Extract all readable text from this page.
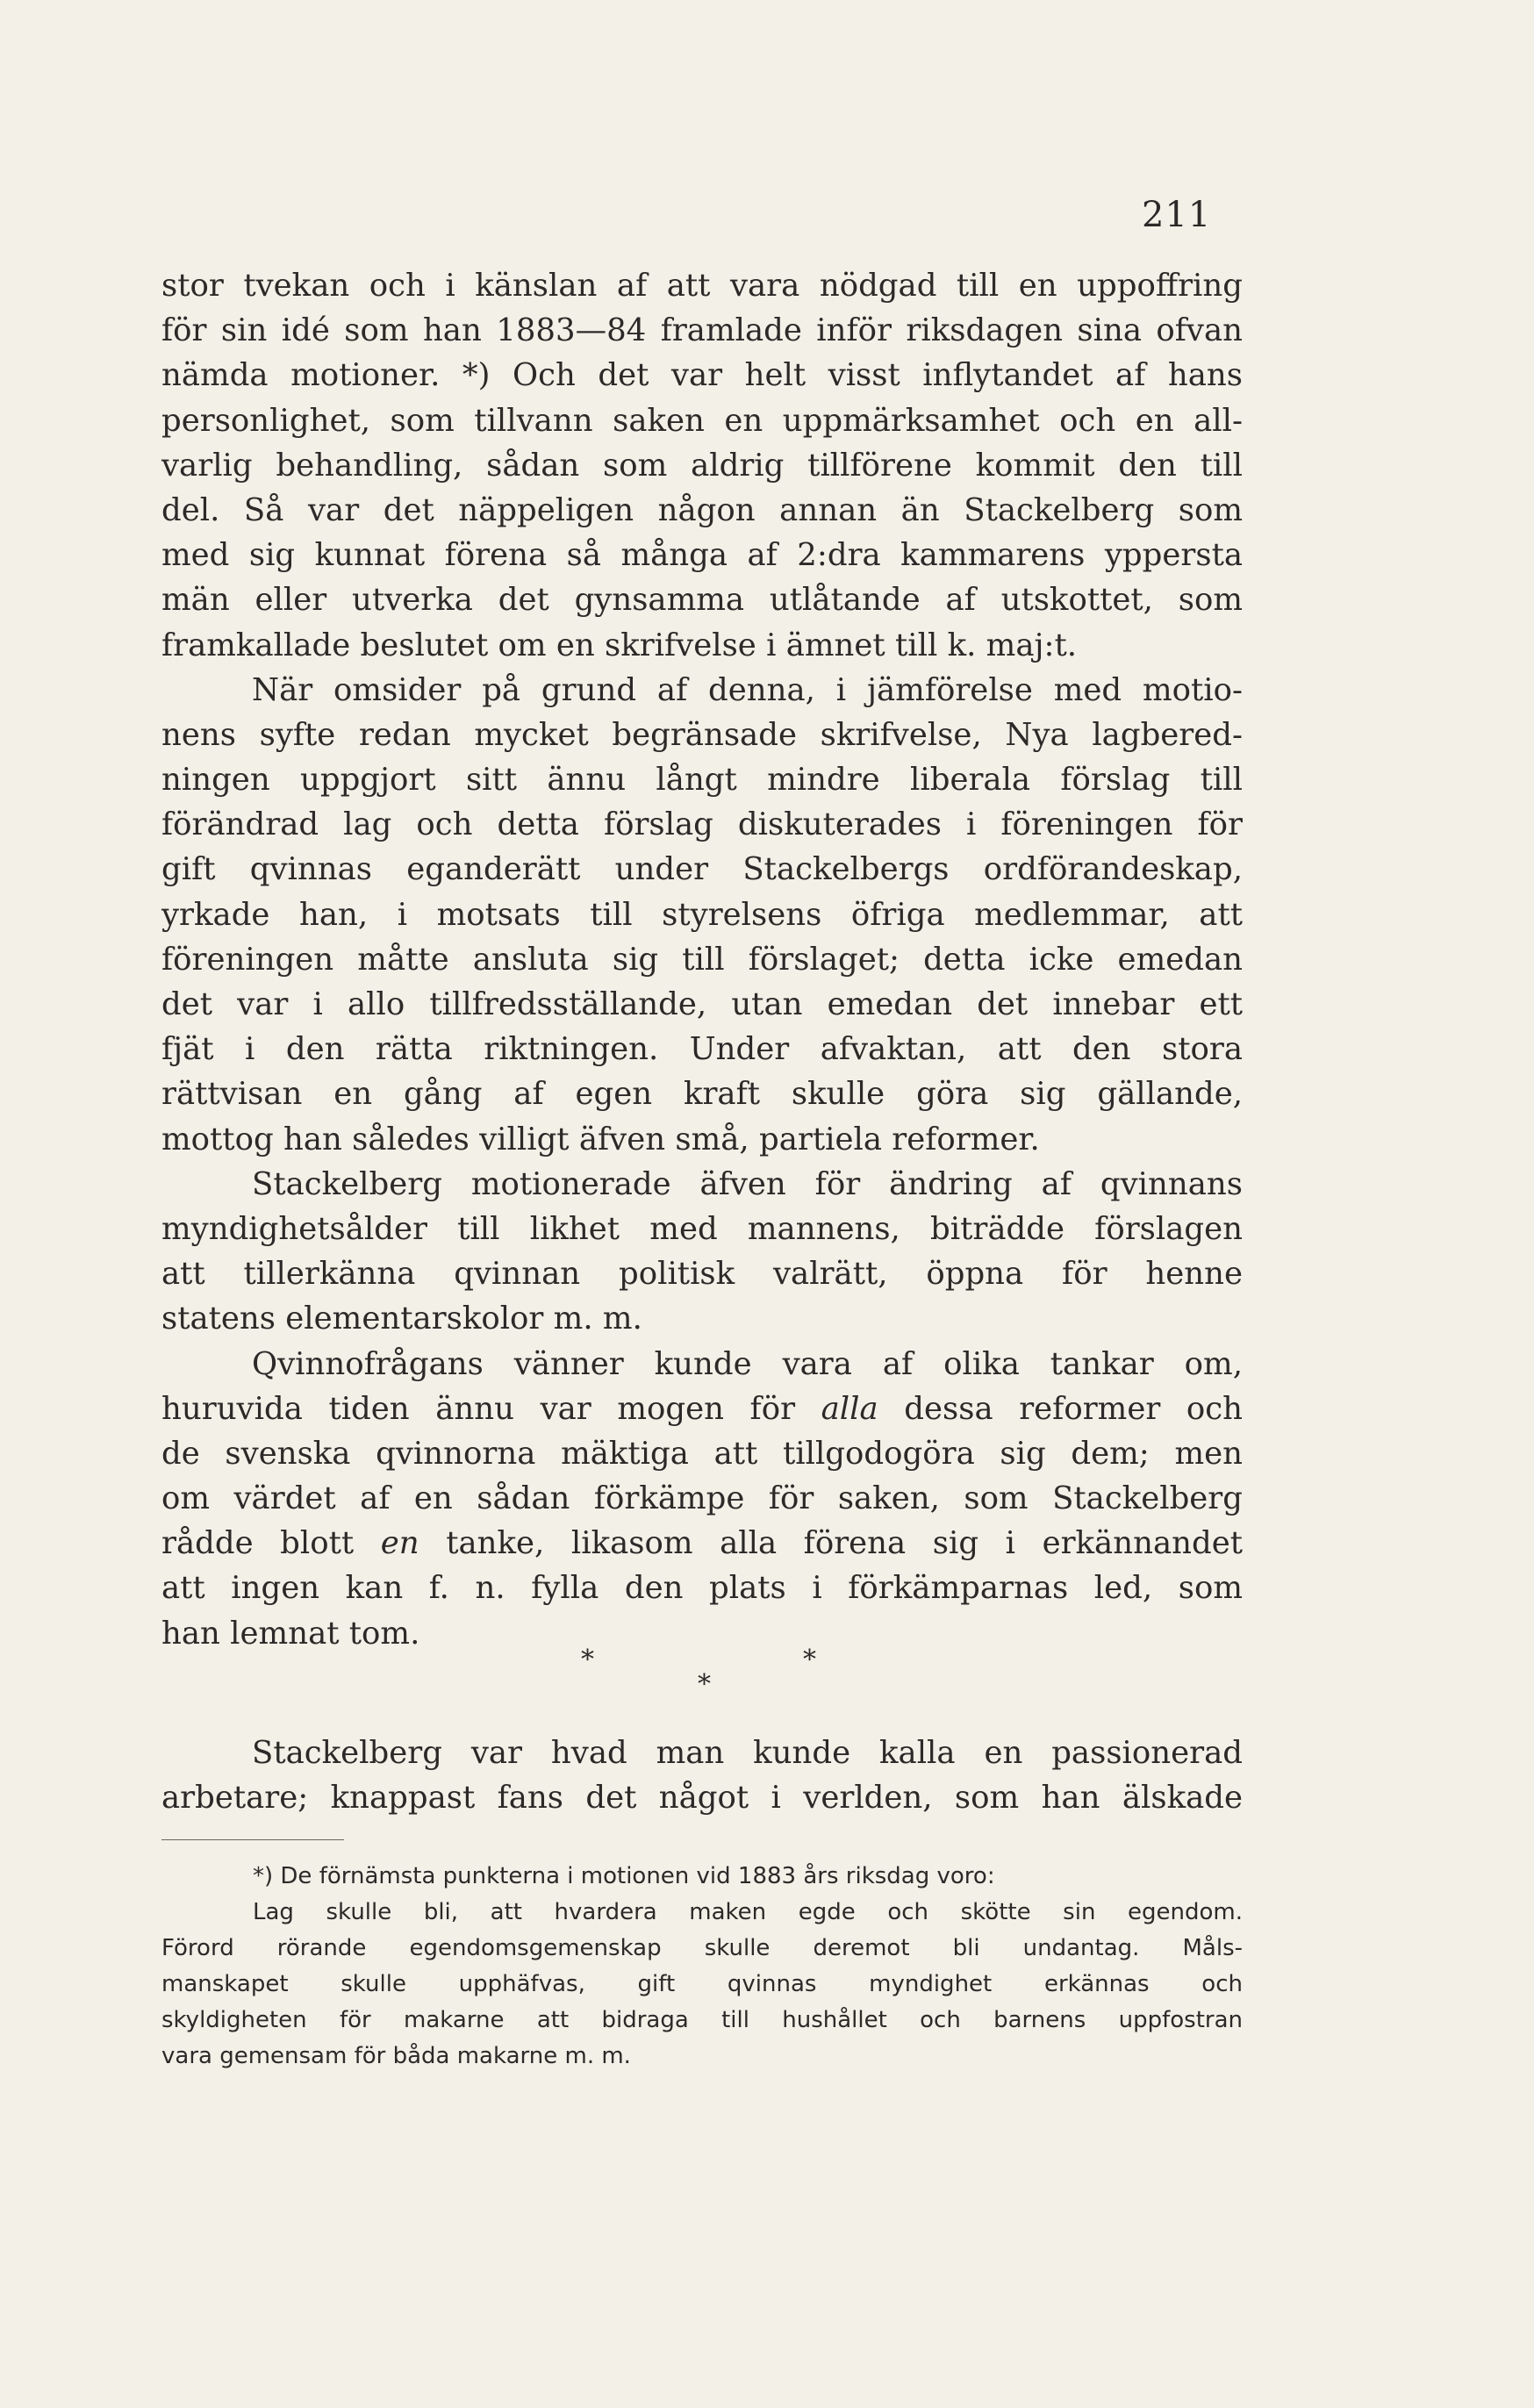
211
stor tvekan och i känslan af att vara nödgad till en uppoffring
för sin idé som han 1883—84 framlade inför riksdagen sina ofvan
nämda motioner. *) Och det var helt visst inflytandet af hans
personlighet, som tillvann saken en uppmärksamhet och en all-
varlig behandling, sådan som aldrig tillförene kommit den till
del. Så var det näppeligen någon annan än Stackelberg som
med sig kunnat förena så många af 2:dra kammarens yppersta
män eller utverka det gynsamma utlåtande af utskottet, som
framkallade beslutet om en skrifvelse i ämnet till k. maj:t.
När omsider på grund af denna, i jämförelse med motio-
nens syfte redan mycket begränsade skrifvelse, Nya lagbered-
ningen uppgjort sitt ännu långt mindre liberala förslag till
förändrad lag och detta förslag diskuterades i föreningen för
gift qvinnas eganderätt under Stackelbergs ordförandeskap,
yrkade han, i motsats till styrelsens öfriga medlemmar, att
föreningen måtte ansluta sig till förslaget; detta icke emedan
det var i allo tillfredsställande, utan emedan det innebar ett
fjät i den rätta riktningen. Under afvaktan, att den stora
rättvisan en gång af egen kraft skulle göra sig gällande,
mottog han således villigt äfven små, partiela reformer.
Stackelberg motionerade äfven för ändring af qvinnans
myndighetsålder till likhet med mannens, biträdde förslagen
att tillerkänna qvinnan politisk valrätt, öppna för henne
statens elementarskolor m. m.
Qvinnofrågans vänner kunde vara af olika tankar om,
huruvida tiden ännu var mogen för alla dessa reformer och
de svenska qvinnorna mäktiga att tillgodogöra sig dem; men
om värdet af en sådan förkämpe för saken, som Stackelberg
rådde blott en tanke, likasom alla förena sig i erkännandet
att ingen kan f. n. fylla den plats i förkämparnas led, som
han lemnat tom.
*	*
*
Stackelberg var hvad man kunde kalla en passionerad
arbetare; knappast fans det något i verlden, som han älskade
*) De förnämsta punkterna i motionen vid 1883 års riksdag voro:
Lag skulle bli, att hvardera maken egde och skötte sin egendom.
Förord rörande egendomsgemenskap skulle deremot bli undantag. Måls-
manskapet skulle upphäfvas, gift qvinnas myndighet erkännas och
skyldigheten för makarne att bidraga till hushållet och barnens uppfostran
vara gemensam för båda makarne m. m.
